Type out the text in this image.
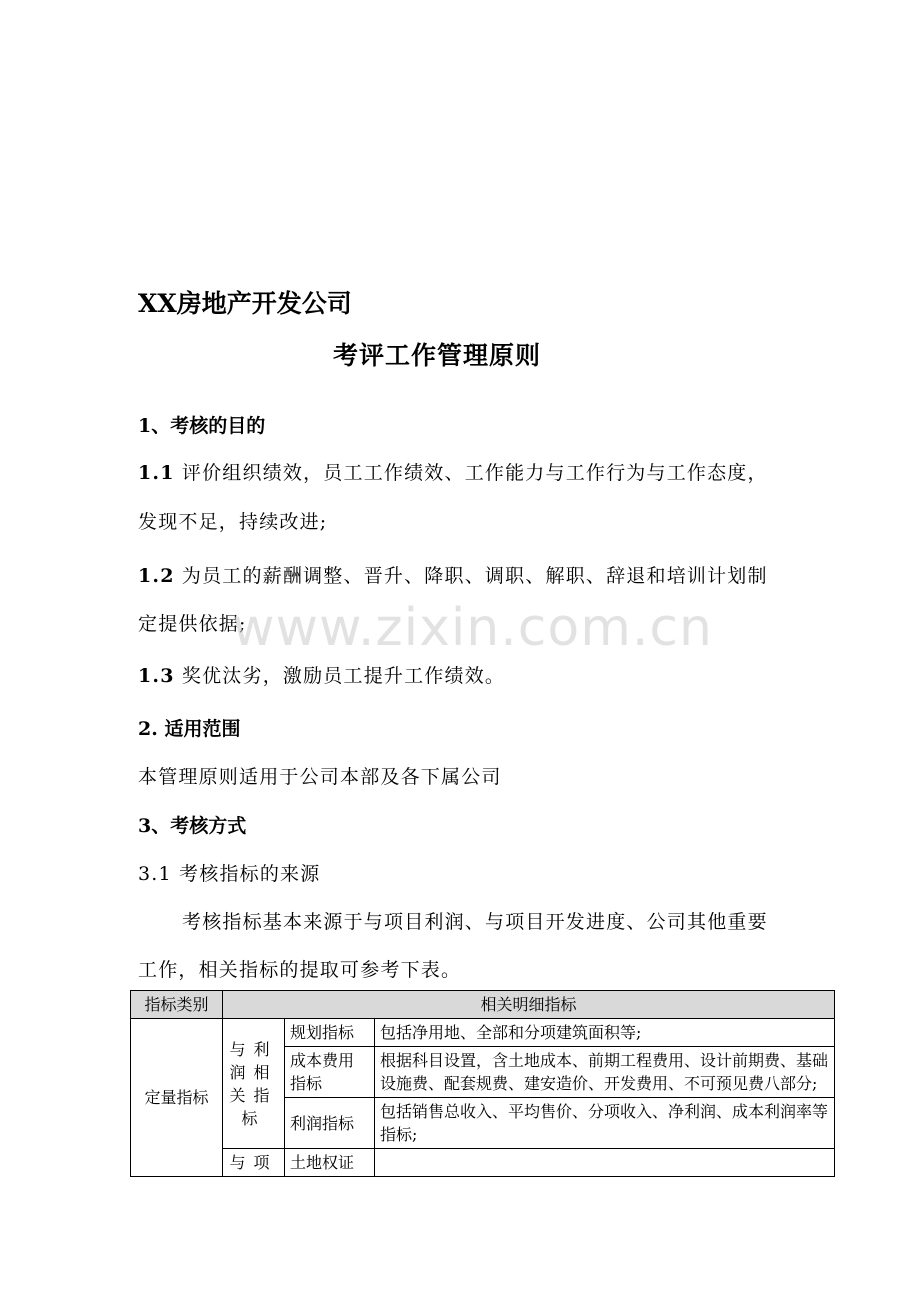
XX房地产开发公司
考评工作管理原则
1、考核的目的
1.1 评价组织绩效，员工工作绩效、工作能力与工作行为与工作态度，
发现不足，持续改进;
1.2 为员工的薪酬调整、晋升、降职、调职、解职、辞退和培训计划制
定提供依据;
www.zixin.com.cn
1.3 奖优汰劣，激励员工提升工作绩效。
2. 适用范围
本管理原则适用于公司本部及各下属公司
3、考核方式
3.1 考核指标的来源
考核指标基本来源于与项目利润、与项目开发进度、公司其他重要
工作，相关指标的提取可参考下表。
指标类别	相关明细指标		
定量指标	与利润相关指标	规划指标	包括净用地、全部和分项建筑面积等;
		成本费用指标	根据科目设置，含土地成本、前期工程费用、设计前期费、基础设施费、配套规费、建安造价、开发费用、不可预见费八部分;
		利润指标	包括销售总收入、平均售价、分项收入、净利润、成本利润率等指标;
	与项	土地权证	
